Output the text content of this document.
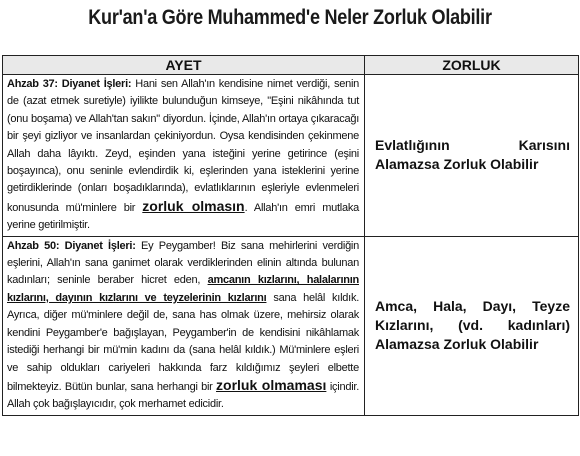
Kur'an'a Göre Muhammed'e Neler Zorluk Olabilir
AYET	ZORLUK
Ahzab 37: Diyanet İşleri: Hani sen Allah'ın kendisine nimet verdiği, senin de (azat etmek suretiyle) iyilikte bulunduğun kimseye, "Eşini nikâhında tut (onu boşama) ve Allah'tan sakın" diyordun. İçinde, Allah'ın ortaya çıkaracağı bir şeyi gizliyor ve insanlardan çekiniyordun. Oysa kendisinden çekinmene Allah daha lâyıktı. Zeyd, eşinden yana isteğini yerine getirince (eşini boşayınca), onu seninle evlendirdik ki, eşlerinden yana isteklerini yerine getirdiklerinde (onları boşadıklarında), evlatlıklarının eşleriyle evlenmeleri konusunda mü'minlere bir zorluk olmasın. Allah'ın emri mutlaka yerine getirilmiştir.	Evlatlığının Karısını Alamazsa Zorluk Olabilir
Ahzab 50: Diyanet İşleri: Ey Peygamber! Biz sana mehirlerini verdiğin eşlerini, Allah'ın sana ganimet olarak verdiklerinden elinin altında bulunan kadınları; seninle beraber hicret eden, amcanın kızlarını, halalarının kızlarını, dayının kızlarını ve teyzelerinin kızlarını sana helâl kıldık. Ayrıca, diğer mü'minlere değil de, sana has olmak üzere, mehirsiz olarak kendini Peygamber'e bağışlayan, Peygamber'in de kendisini nikâhlamak istediği herhangi bir mü'min kadını da (sana helâl kıldık.) Mü'minlere eşleri ve sahip oldukları cariyeleri hakkında farz kıldığımız şeyleri elbette bilmekteyiz. Bütün bunlar, sana herhangi bir zorluk olmaması içindir. Allah çok bağışlayıcıdır, çok merhamet edicidir.	Amca, Hala, Dayı, Teyze Kızlarını, (vd. kadınları) Alamazsa Zorluk Olabilir
